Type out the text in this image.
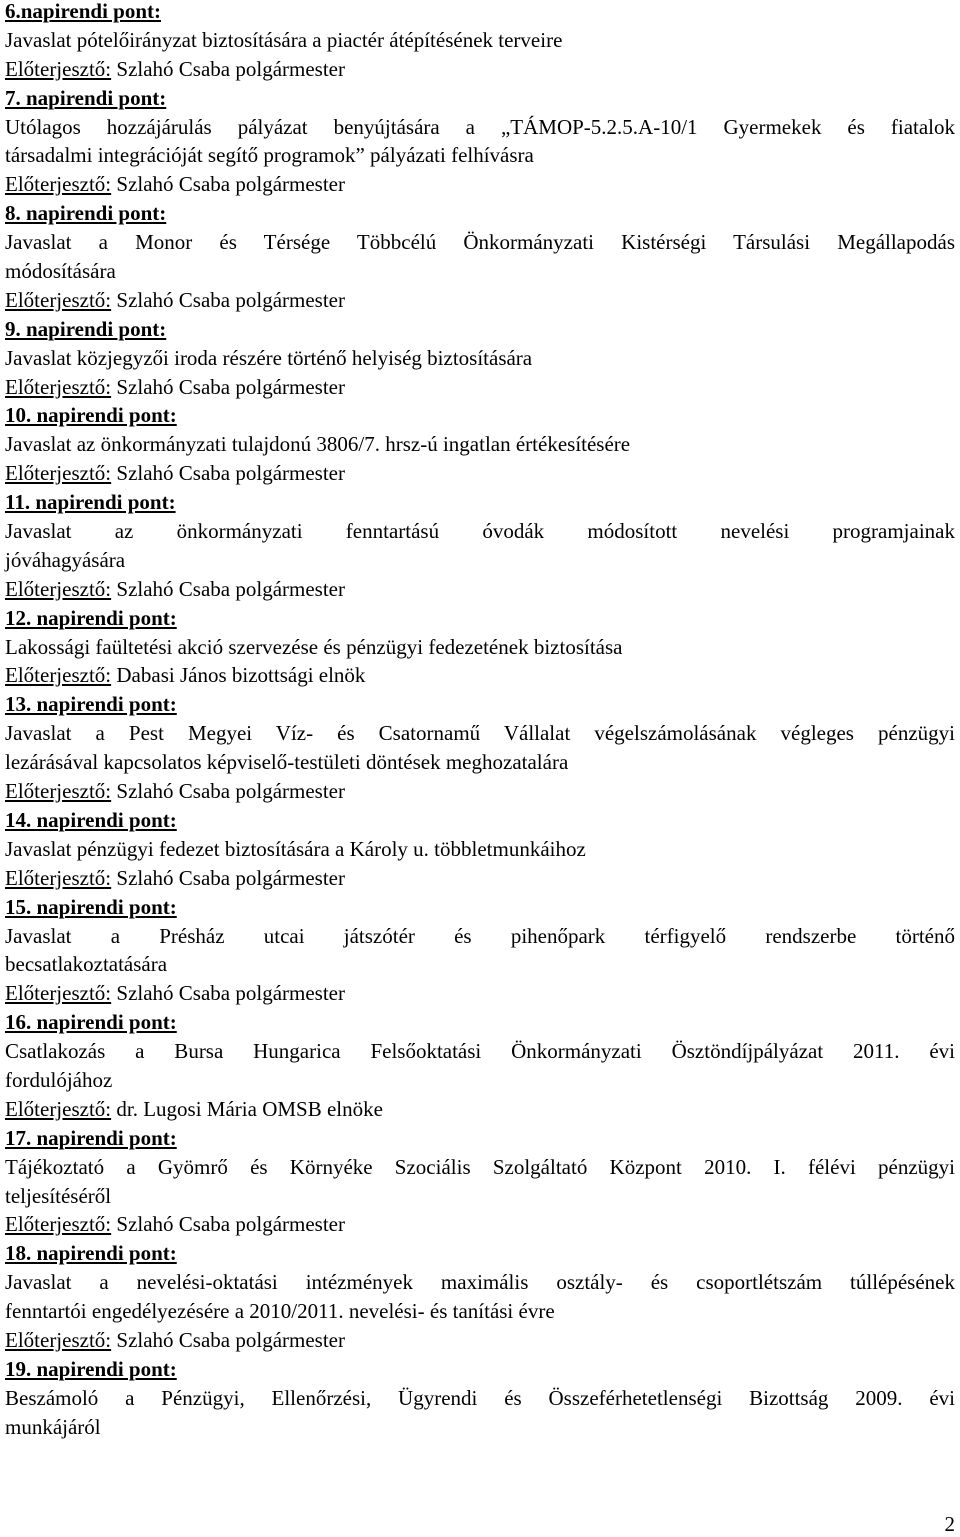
6.napirendi pont:
Javaslat pótelőirányzat biztosítására a piactér átépítésének terveire
Előterjesztő: Szlahó Csaba polgármester
7. napirendi pont:
Utólagos hozzájárulás pályázat benyújtására a „TÁMOP-5.2.5.A-10/1 Gyermekek és fiatalok
társadalmi integrációját segítő programok” pályázati felhívásra
Előterjesztő: Szlahó Csaba polgármester
8. napirendi pont:
Javaslat a Monor és Térsége Többcélú Önkormányzati Kistérségi Társulási Megállapodás
módosítására
Előterjesztő: Szlahó Csaba polgármester
9. napirendi pont:
Javaslat közjegyzői iroda részére történő helyiség biztosítására
Előterjesztő: Szlahó Csaba polgármester
10. napirendi pont:
Javaslat az önkormányzati tulajdonú 3806/7. hrsz-ú ingatlan értékesítésére
Előterjesztő: Szlahó Csaba polgármester
11. napirendi pont:
Javaslat az önkormányzati fenntartású óvodák módosított nevelési programjainak
jóváhagyására
Előterjesztő: Szlahó Csaba polgármester
12. napirendi pont:
Lakossági faültetési akció szervezése és pénzügyi fedezetének biztosítása
Előterjesztő: Dabasi János bizottsági elnök
13. napirendi pont:
Javaslat a Pest Megyei Víz- és Csatornamű Vállalat végelszámolásának végleges pénzügyi
lezárásával kapcsolatos képviselő-testületi döntések meghozatalára
Előterjesztő: Szlahó Csaba polgármester
14. napirendi pont:
Javaslat pénzügyi fedezet biztosítására a Károly u. többletmunkáihoz
Előterjesztő: Szlahó Csaba polgármester
15. napirendi pont:
Javaslat a Présház utcai játszótér és pihenőpark térfigyelő rendszerbe történő
becsatlakoztatására
Előterjesztő: Szlahó Csaba polgármester
16. napirendi pont:
Csatlakozás a Bursa Hungarica Felsőoktatási Önkormányzati Ösztöndíjpályázat 2011. évi
fordulójához
Előterjesztő: dr. Lugosi Mária OMSB elnöke
17. napirendi pont:
Tájékoztató a Gyömrő és Környéke Szociális Szolgáltató Központ 2010. I. félévi pénzügyi
teljesítéséről
Előterjesztő: Szlahó Csaba polgármester
18. napirendi pont:
Javaslat a nevelési-oktatási intézmények maximális osztály- és csoportlétszám túllépésének
fenntartói engedélyezésére a 2010/2011. nevelési- és tanítási évre
Előterjesztő: Szlahó Csaba polgármester
19. napirendi pont:
Beszámoló a Pénzügyi, Ellenőrzési, Ügyrendi és Összeférhetetlenségi Bizottság 2009. évi
munkájáról
2
